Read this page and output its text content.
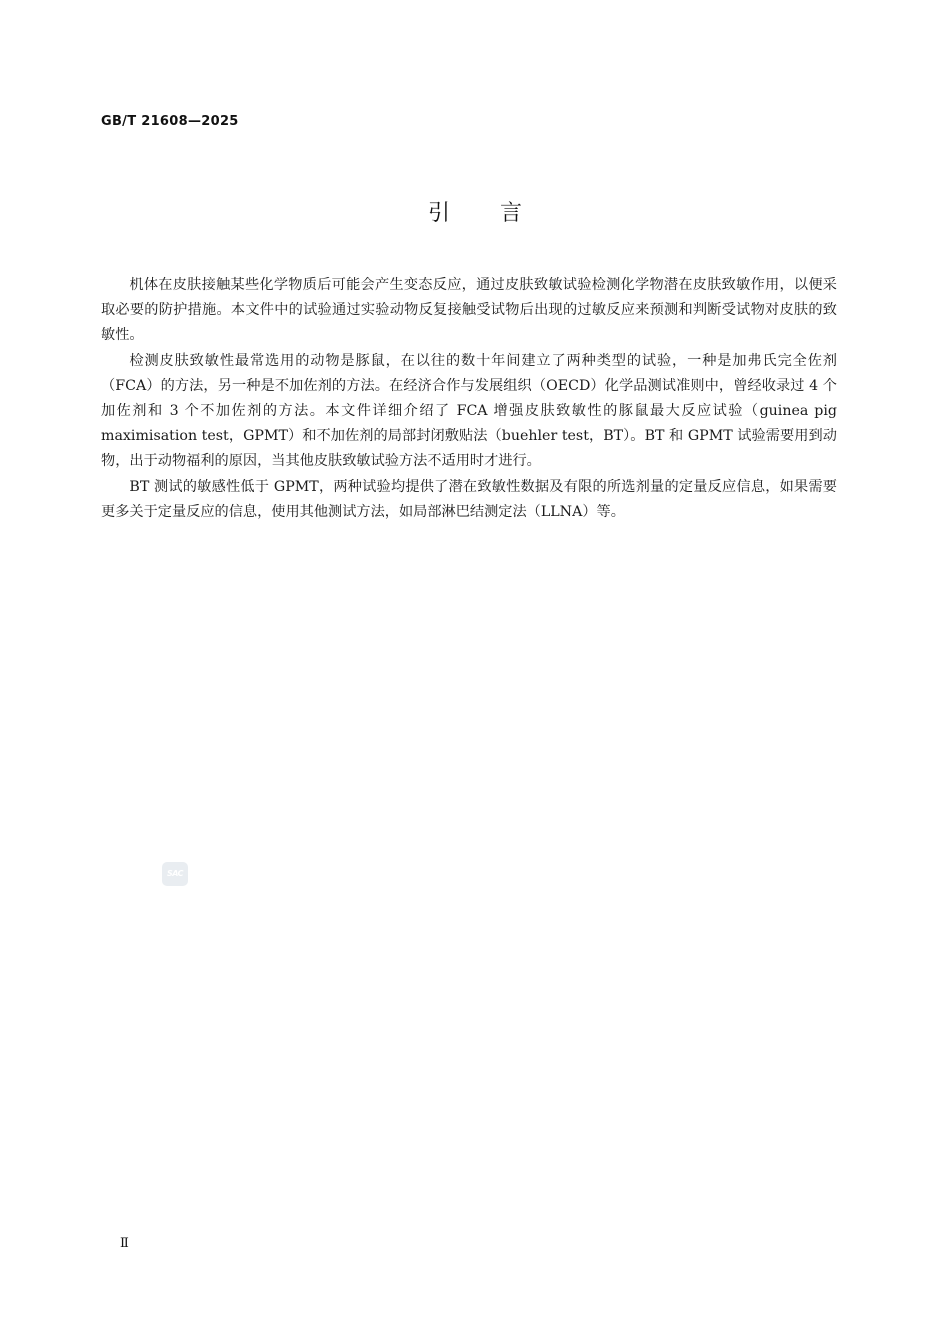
GB/T 21608—2025
引言

机体在皮肤接触某些化学物质后可能会产生变态反应，通过皮肤致敏试验检测化学物潜在皮肤致敏作用，以便采取必要的防护措施。本文件中的试验通过实验动物反复接触受试物后出现的过敏反应来预测和判断受试物对皮肤的致敏性。

检测皮肤致敏性最常选用的动物是豚鼠，在以往的数十年间建立了两种类型的试验，一种是加弗氏完全佐剂（FCA）的方法，另一种是不加佐剂的方法。在经济合作与发展组织（OECD）化学品测试准则中，曾经收录过 4 个加佐剂和 3 个不加佐剂的方法。本文件详细介绍了 FCA 增强皮肤致敏性的豚鼠最大反应试验（guinea pig maximisation test，GPMT）和不加佐剂的局部封闭敷贴法（buehler test，BT）。BT 和 GPMT 试验需要用到动物，出于动物福利的原因，当其他皮肤致敏试验方法不适用时才进行。

BT 测试的敏感性低于 GPMT，两种试验均提供了潜在致敏性数据及有限的所选剂量的定量反应信息，如果需要更多关于定量反应的信息，使用其他测试方法，如局部淋巴结测定法（LLNA）等。

SAC
Ⅱ
